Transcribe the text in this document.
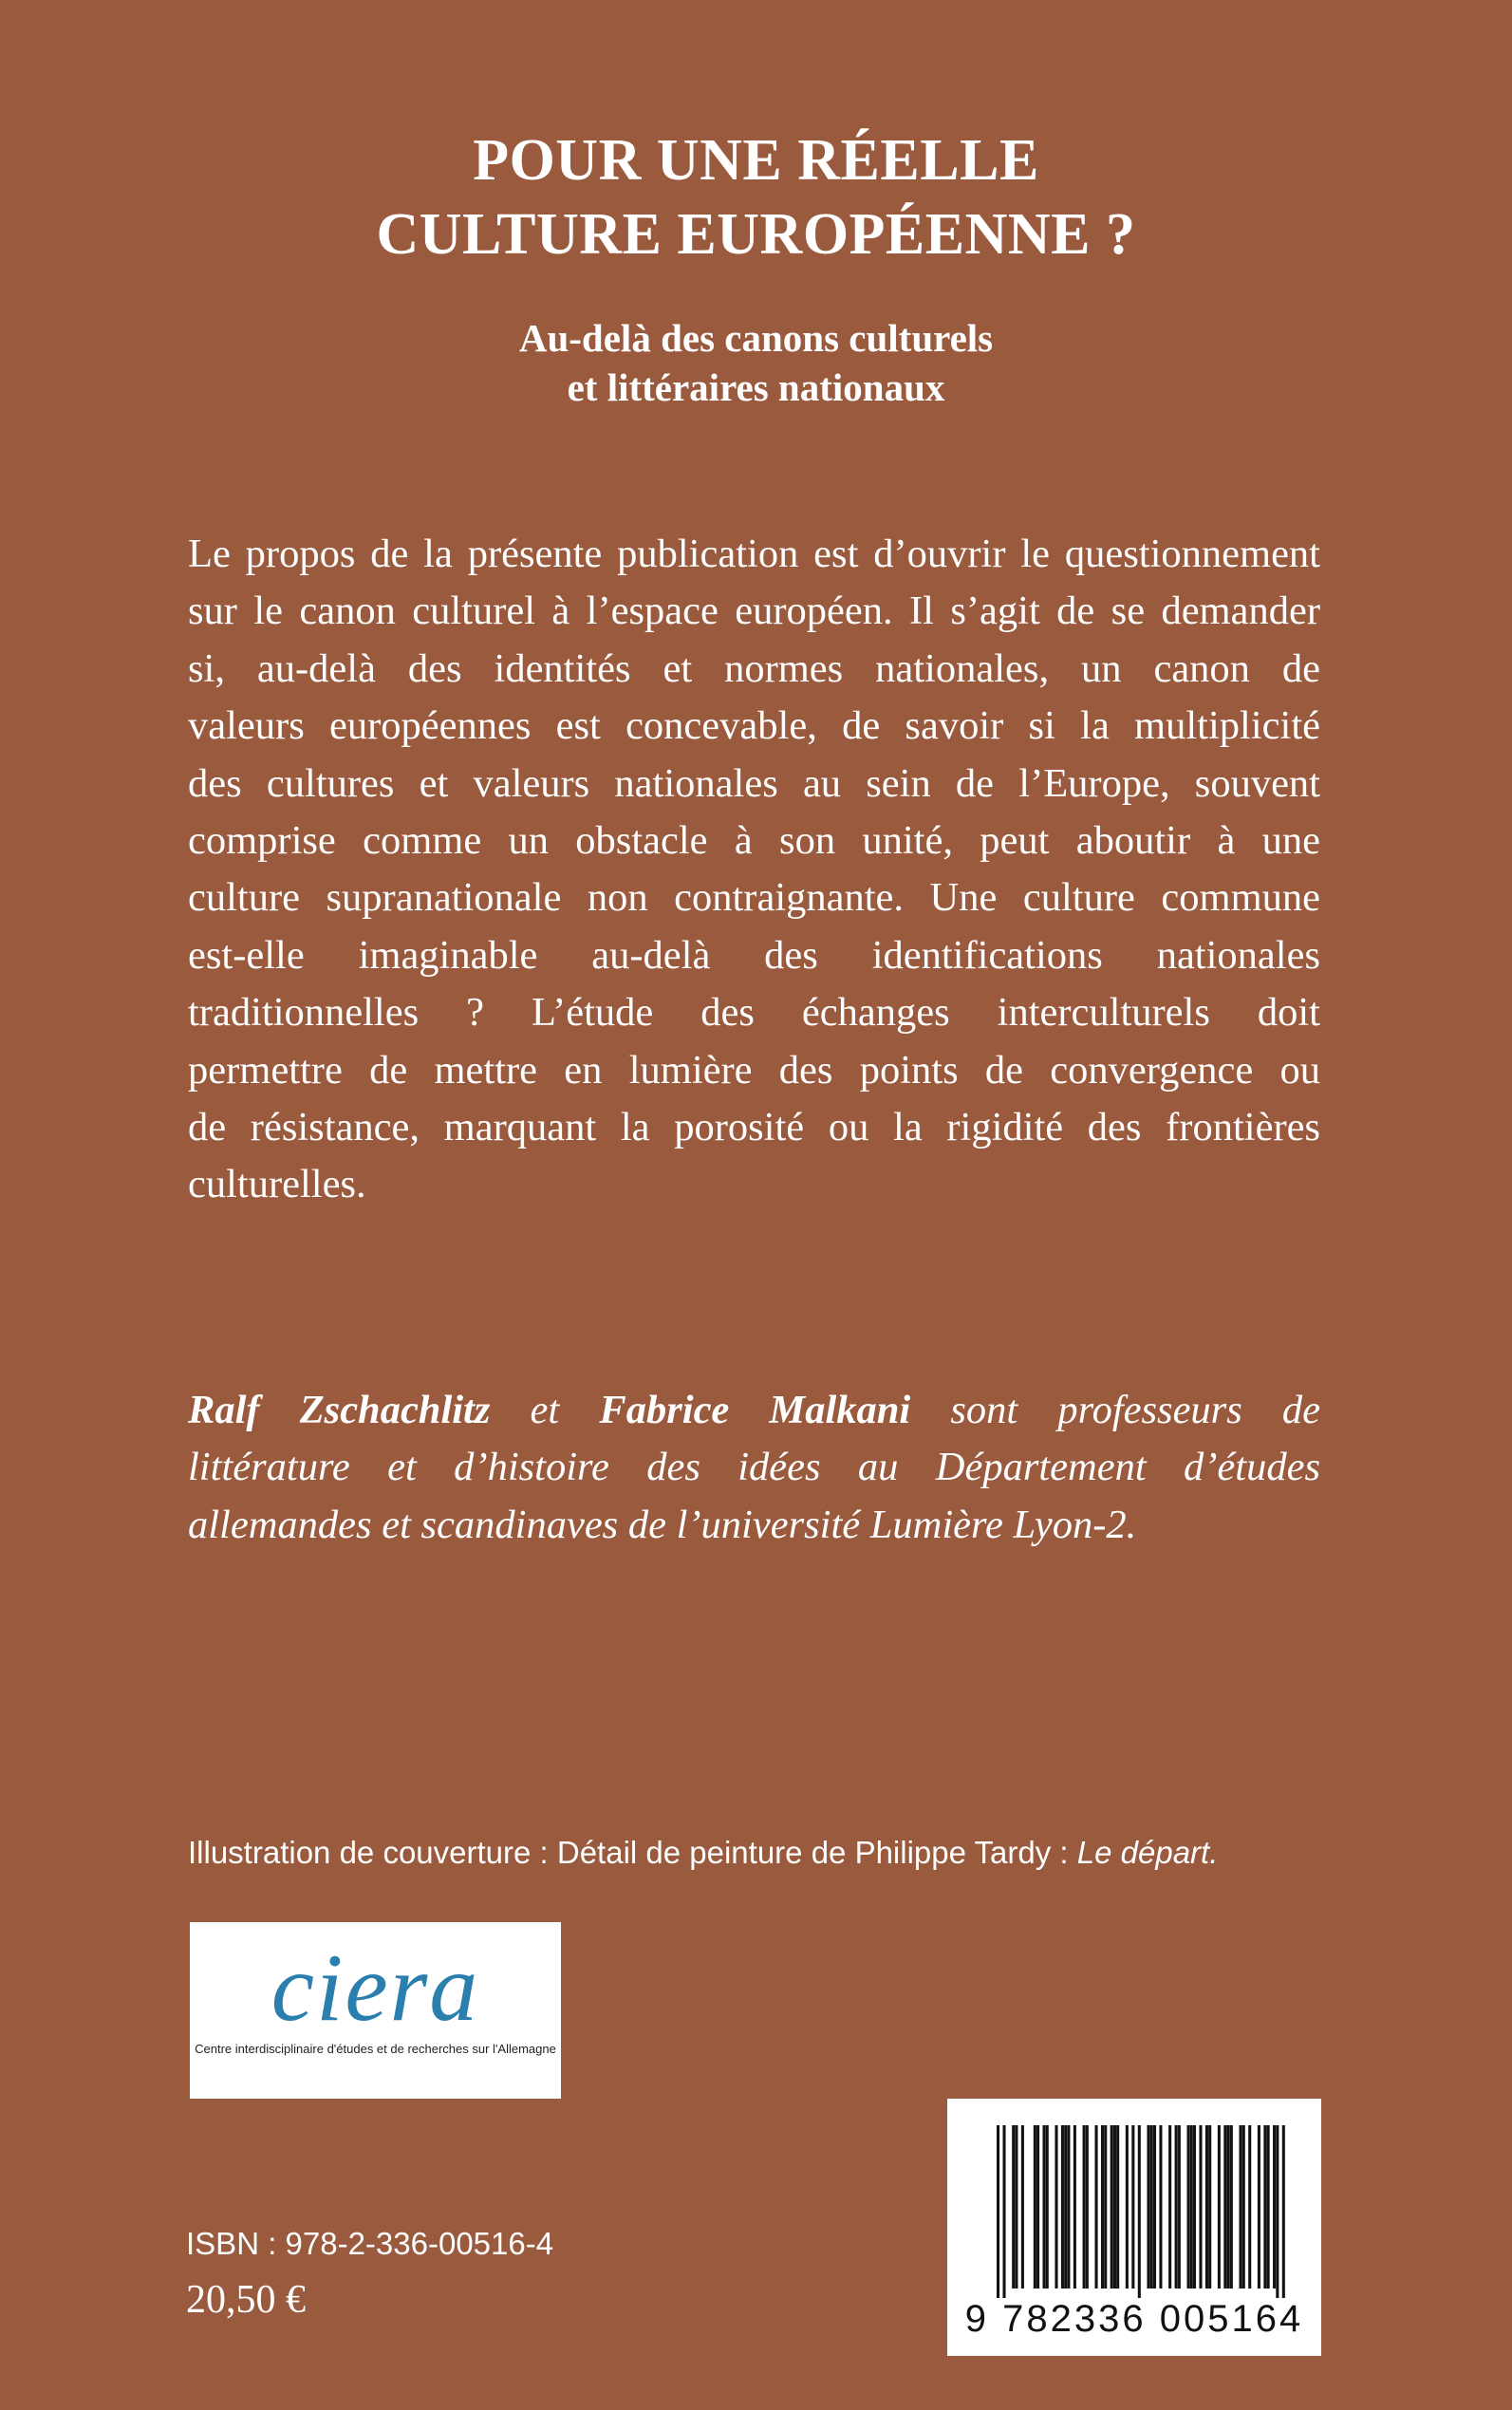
POUR UNE RÉELLE
CULTURE EUROPÉENNE ?
Au-delà des canons culturels
et littéraires nationaux
Le propos de la présente publication est d’ouvrir le questionnement
sur le canon culturel à l’espace européen. Il s’agit de se demander
si, au-delà des identités et normes nationales, un canon de
valeurs européennes est concevable, de savoir si la multiplicité
des cultures et valeurs nationales au sein de l’Europe, souvent
comprise comme un obstacle à son unité, peut aboutir à une
culture supranationale non contraignante. Une culture commune
est-elle imaginable au-delà des identifications nationales
traditionnelles ? L’étude des échanges interculturels doit
permettre de mettre en lumière des points de convergence ou
de résistance, marquant la porosité ou la rigidité des frontières
culturelles.
Ralf Zschachlitz et Fabrice Malkani sont professeurs de
littérature et d’histoire des idées au Département d’études
allemandes et scandinaves de l’université Lumière Lyon-2.

Illustration de couverture : Détail de peinture de Philippe Tardy : Le départ.

ciera
Centre interdisciplinaire d'études et de recherches sur l'Allemagne
9 782336 005164

ISBN : 978-2-336-00516-4

20,50 €
